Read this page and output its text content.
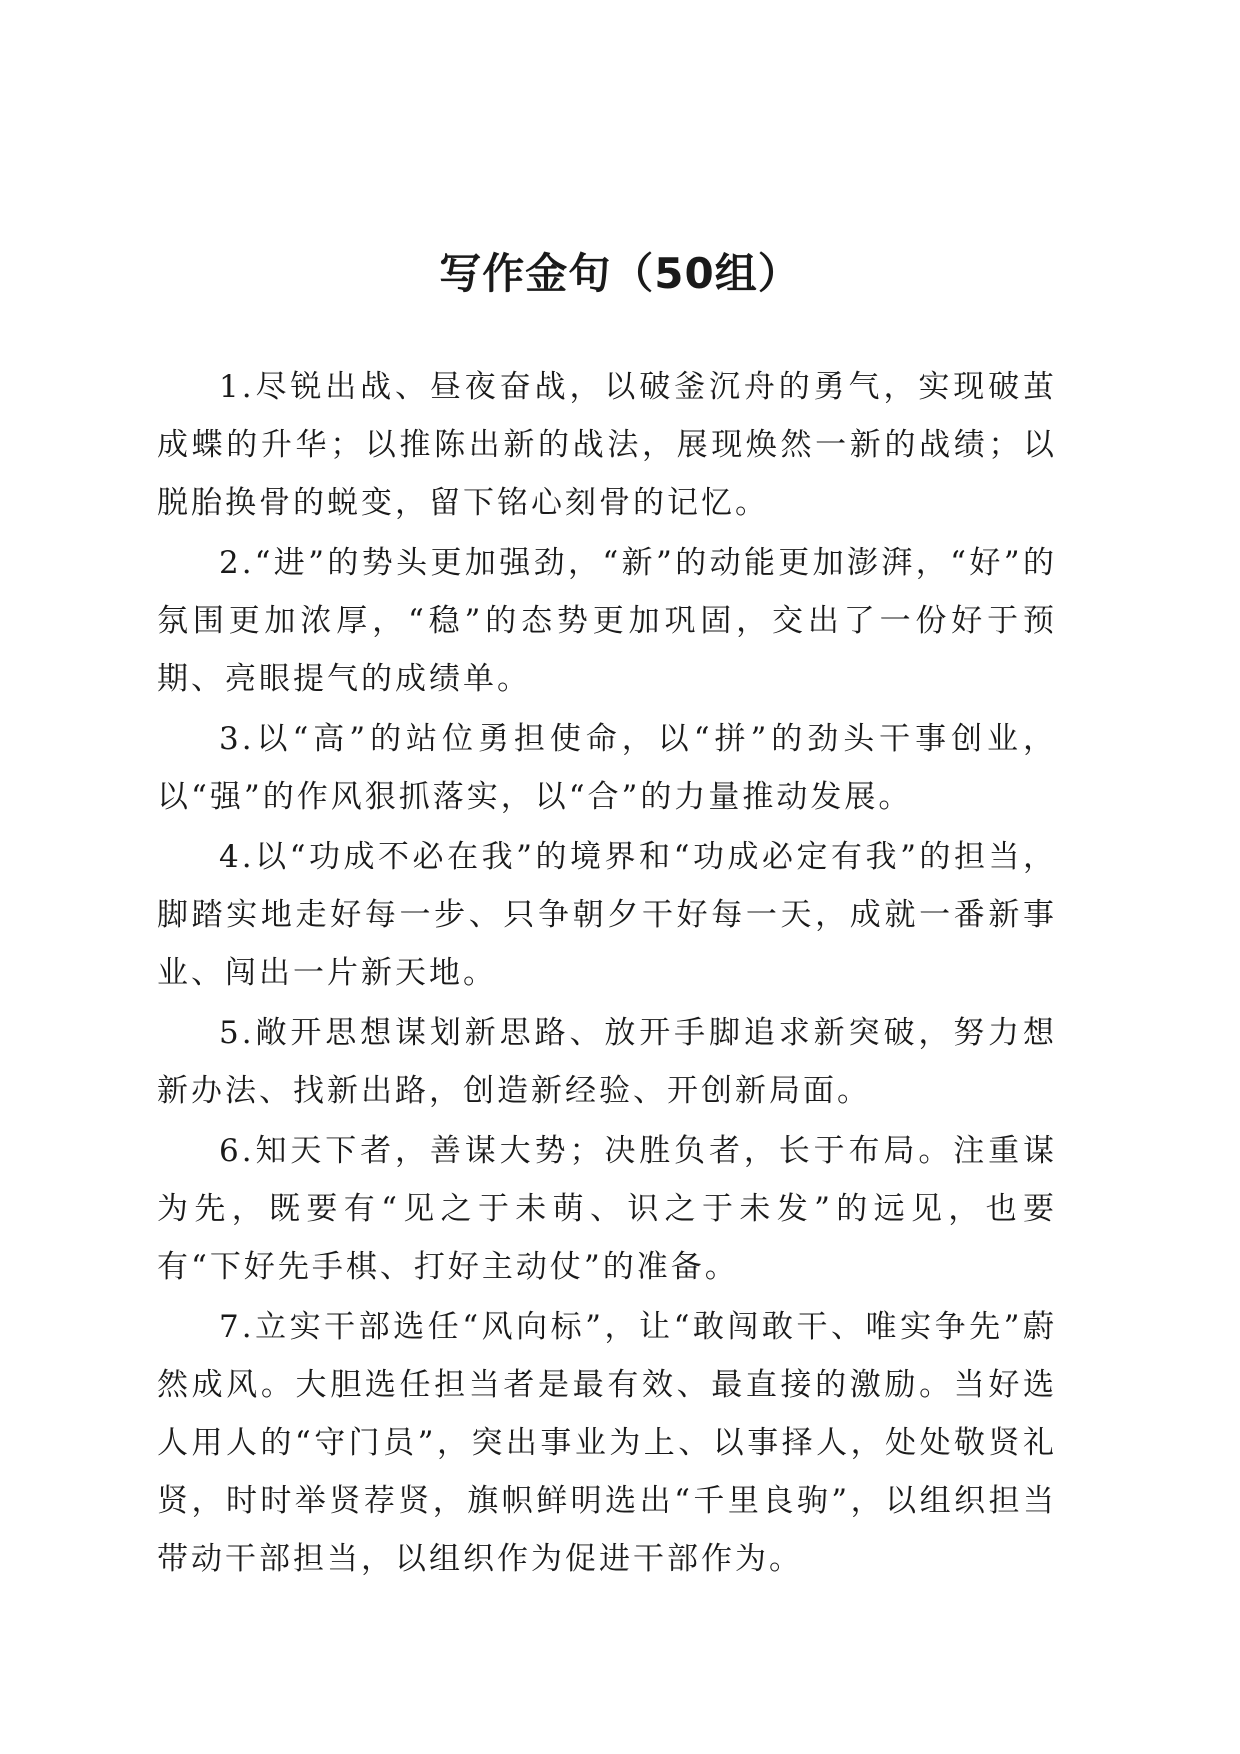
写作金句（50组）

1.尽锐出战、昼夜奋战，以破釜沉舟的勇气，实现破茧成蝶的升华；以推陈出新的战法，展现焕然一新的战绩；以脱胎换骨的蜕变，留下铭心刻骨的记忆。

2.“进”的势头更加强劲，“新”的动能更加澎湃，“好”的氛围更加浓厚，“稳”的态势更加巩固，交出了一份好于预期、亮眼提气的成绩单。

3.以“高”的站位勇担使命，以“拼”的劲头干事创业，以“强”的作风狠抓落实，以“合”的力量推动发展。

4.以“功成不必在我”的境界和“功成必定有我”的担当，脚踏实地走好每一步、只争朝夕干好每一天，成就一番新事业、闯出一片新天地。

5.敞开思想谋划新思路、放开手脚追求新突破，努力想新办法、找新出路，创造新经验、开创新局面。

6.知天下者，善谋大势；决胜负者，长于布局。注重谋为先，既要有“见之于未萌、识之于未发”的远见，也要有“下好先手棋、打好主动仗”的准备。

7.立实干部选任“风向标”，让“敢闯敢干、唯实争先”蔚然成风。大胆选任担当者是最有效、最直接的激励。当好选人用人的“守门员”，突出事业为上、以事择人，处处敬贤礼贤，时时举贤荐贤，旗帜鲜明选出“千里良驹”，以组织担当带动干部担当，以组织作为促进干部作为。
